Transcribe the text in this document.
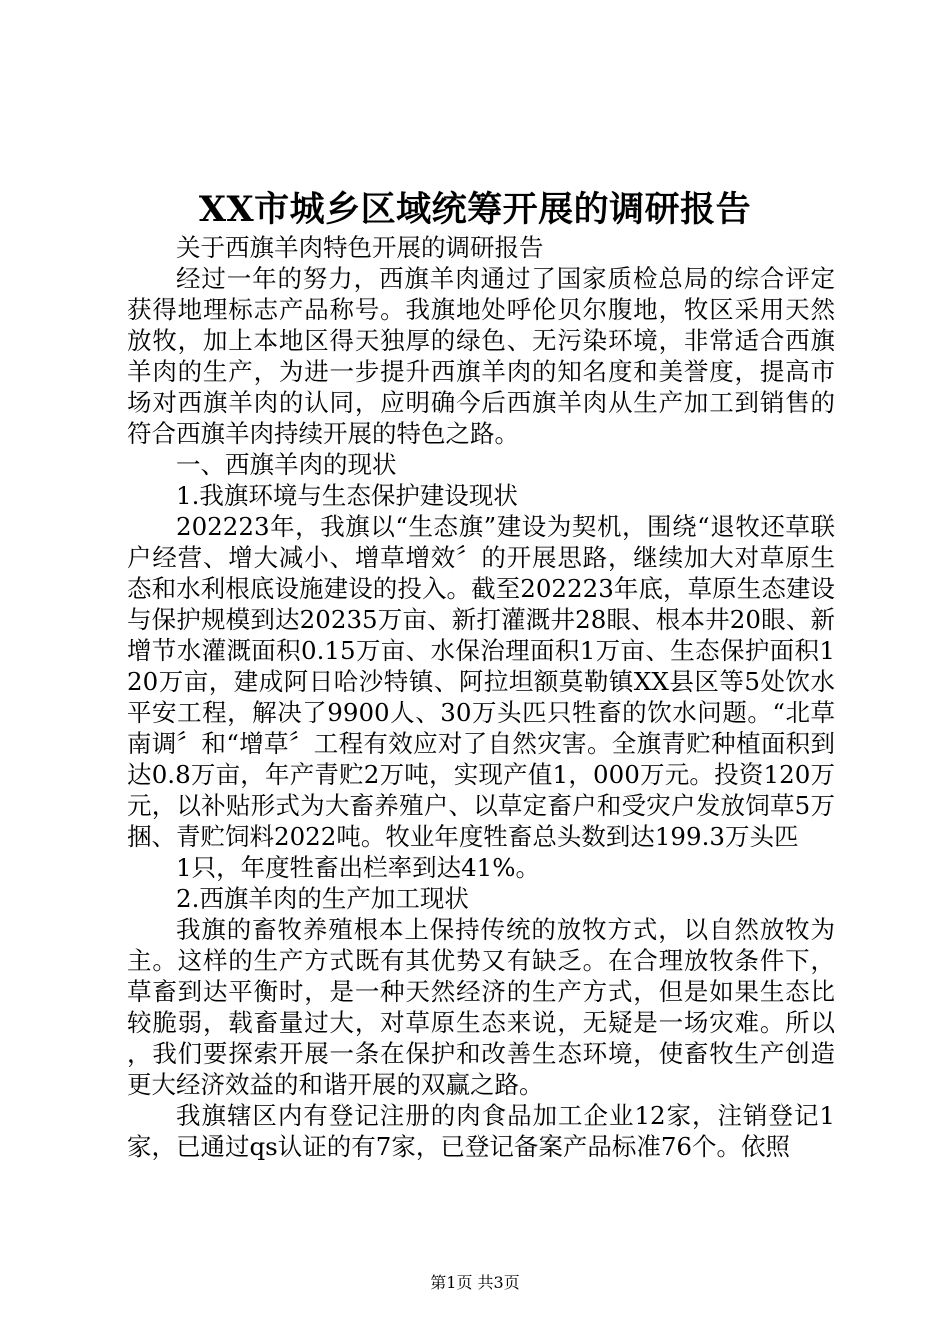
XX市城乡区域统筹开展的调研报告

关于西旗羊肉特色开展的调研报告

经过一年的努力，西旗羊肉通过了国家质检总局的综合评定获得地理标志产品称号。我旗地处呼伦贝尔腹地，牧区采用天然放牧，加上本地区得天独厚的绿色、无污染环境，非常适合西旗羊肉的生产，为进一步提升西旗羊肉的知名度和美誉度，提高市场对西旗羊肉的认同，应明确今后西旗羊肉从生产加工到销售的符合西旗羊肉持续开展的特色之路。

一、西旗羊肉的现状

1.我旗环境与生态保护建设现状

202223年，我旗以“生态旗”建设为契机，围绕“退牧还草联户经营、增大减小、增草增效〞的开展思路，继续加大对草原生态和水利根底设施建设的投入。截至202223年底，草原生态建设与保护规模到达20235万亩、新打灌溉井28眼、根本井20眼、新增节水灌溉面积0.15万亩、水保治理面积1万亩、生态保护面积120万亩，建成阿日哈沙特镇、阿拉坦额莫勒镇XX县区等5处饮水平安工程，解决了9900人、30万头匹只牲畜的饮水问题。“北草南调〞和“增草〞工程有效应对了自然灾害。全旗青贮种植面积到达0.8万亩，年产青贮2万吨，实现产值1，000万元。投资120万元，以补贴形式为大畜养殖户、以草定畜户和受灾户发放饲草5万捆、青贮饲料2022吨。牧业年度牲畜总头数到达199.3万头匹

1只，年度牲畜出栏率到达41%。

2.西旗羊肉的生产加工现状

我旗的畜牧养殖根本上保持传统的放牧方式，以自然放牧为主。这样的生产方式既有其优势又有缺乏。在合理放牧条件下，草畜到达平衡时，是一种天然经济的生产方式，但是如果生态比较脆弱，载畜量过大，对草原生态来说，无疑是一场灾难。所以，我们要探索开展一条在保护和改善生态环境，使畜牧生产创造更大经济效益的和谐开展的双赢之路。

我旗辖区内有登记注册的肉食品加工企业12家，注销登记1家，已通过qs认证的有7家，已登记备案产品标准76个。依照

第1页 共3页
